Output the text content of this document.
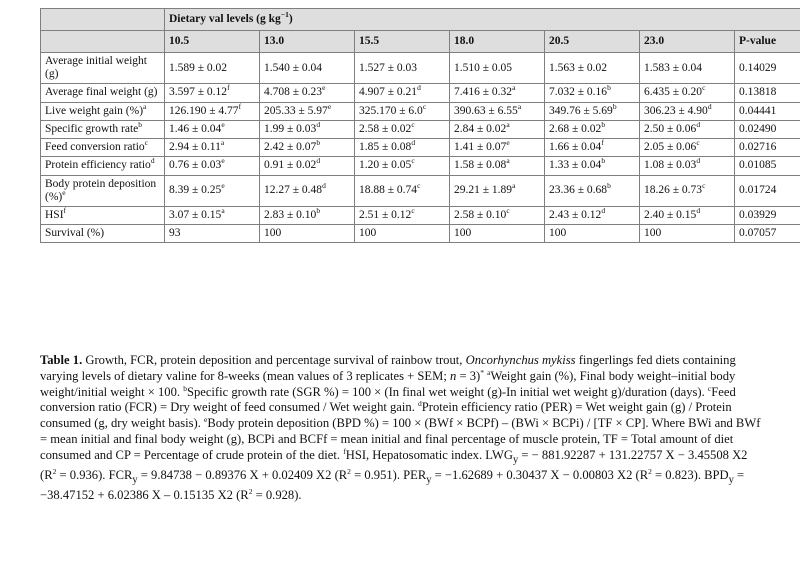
	Dietary val levels (g $kg^{-1}$)						
	10.5	13.0	15.5	18.0	20.5	23.0	P-value
Average initial weight (g)	1.589 ± 0.02	1.540 ± 0.04	1.527 ± 0.03	1.510 ± 0.05	1.563 ± 0.02	1.583 ± 0.04	0.14029
Average final weight (g)	3.597 ± 0.12$^f$	4.708 ± 0.23$^e$	4.907 ± 0.21$^d$	7.416 ± 0.32$^a$	7.032 ± 0.16$^b$	6.435 ± 0.20$^c$	0.13818
Live weight gain (%)$^a$	126.190 ± 4.77$^f$	205.33 ± 5.97$^e$	325.170 ± 6.0$^c$	390.63 ± 6.55$^a$	349.76 ± 5.69$^b$	306.23 ± 4.90$^d$	0.04441
Specific growth rate$^b$	1.46 ± 0.04$^e$	1.99 ± 0.03$^d$	2.58 ± 0.02$^c$	2.84 ± 0.02$^a$	2.68 ± 0.02$^b$	2.50 ± 0.06$^d$	0.02490
Feed conversion ratio$^c$	2.94 ± 0.11$^a$	2.42 ± 0.07$^b$	1.85 ± 0.08$^d$	1.41 ± 0.07$^e$	1.66 ± 0.04$^f$	2.05 ± 0.06$^c$	0.02716
Protein efficiency ratio$^d$	0.76 ± 0.03$^e$	0.91 ± 0.02$^d$	1.20 ± 0.05$^c$	1.58 ± 0.08$^a$	1.33 ± 0.04$^b$	1.08 ± 0.03$^d$	0.01085
Body protein deposition (%)$^e$	8.39 ± 0.25$^e$	12.27 ± 0.48$^d$	18.88 ± 0.74$^c$	29.21 ± 1.89$^a$	23.36 ± 0.68$^b$	18.26 ± 0.73$^c$	0.01724
HSI$^f$	3.07 ± 0.15$^a$	2.83 ± 0.10$^b$	2.51 ± 0.12$^c$	2.58 ± 0.10$^c$	2.43 ± 0.12$^d$	2.40 ± 0.15$^d$	0.03929
Survival (%)	93	100	100	100	100	100	0.07057

Table 1. Growth, FCR, protein deposition and percentage survival of rainbow trout, Oncorhynchus mykiss fingerlings fed diets containing varying levels of dietary valine for 8-weeks (mean values of 3 replicates + SEM; n = 3)* $^a$Weight gain (%), Final body weight–initial body weight/initial weight × 100. $^b$Specific growth rate (SGR %) = 100 × (In final wet weight (g)-In initial wet weight g)/duration (days). $^c$Feed conversion ratio (FCR) = Dry weight of feed consumed / Wet weight gain. $^d$Protein efficiency ratio (PER) = Wet weight gain (g) / Protein consumed (g, dry weight basis). $^e$Body protein deposition (BPD %) = 100 × (BWf × BCPf) – (BWi × BCPi) / [TF × CP]. Where BWi and BWf = mean initial and final body weight (g), BCPi and BCFf = mean initial and final percentage of muscle protein, TF = Total amount of diet consumed and CP = Percentage of crude protein of the diet. $^f$HSI, Hepatosomatic index. $LWG_y$ = − 881.92287 + 131.22757 X − 3.45508 X2 $(R^2 = 0.936)$. $FCR_y = 9.84738 - 0.89376$ X + 0.02409 X2 $(R^2 = 0.951)$. $PER_y = -1.62689 + 0.30437$ X − 0.00803 X2 $(R^2 = 0.823)$. $BPD_y = -38.47152 + 6.02386$ X – 0.15135 X2 $(R^2 = 0.928)$.
